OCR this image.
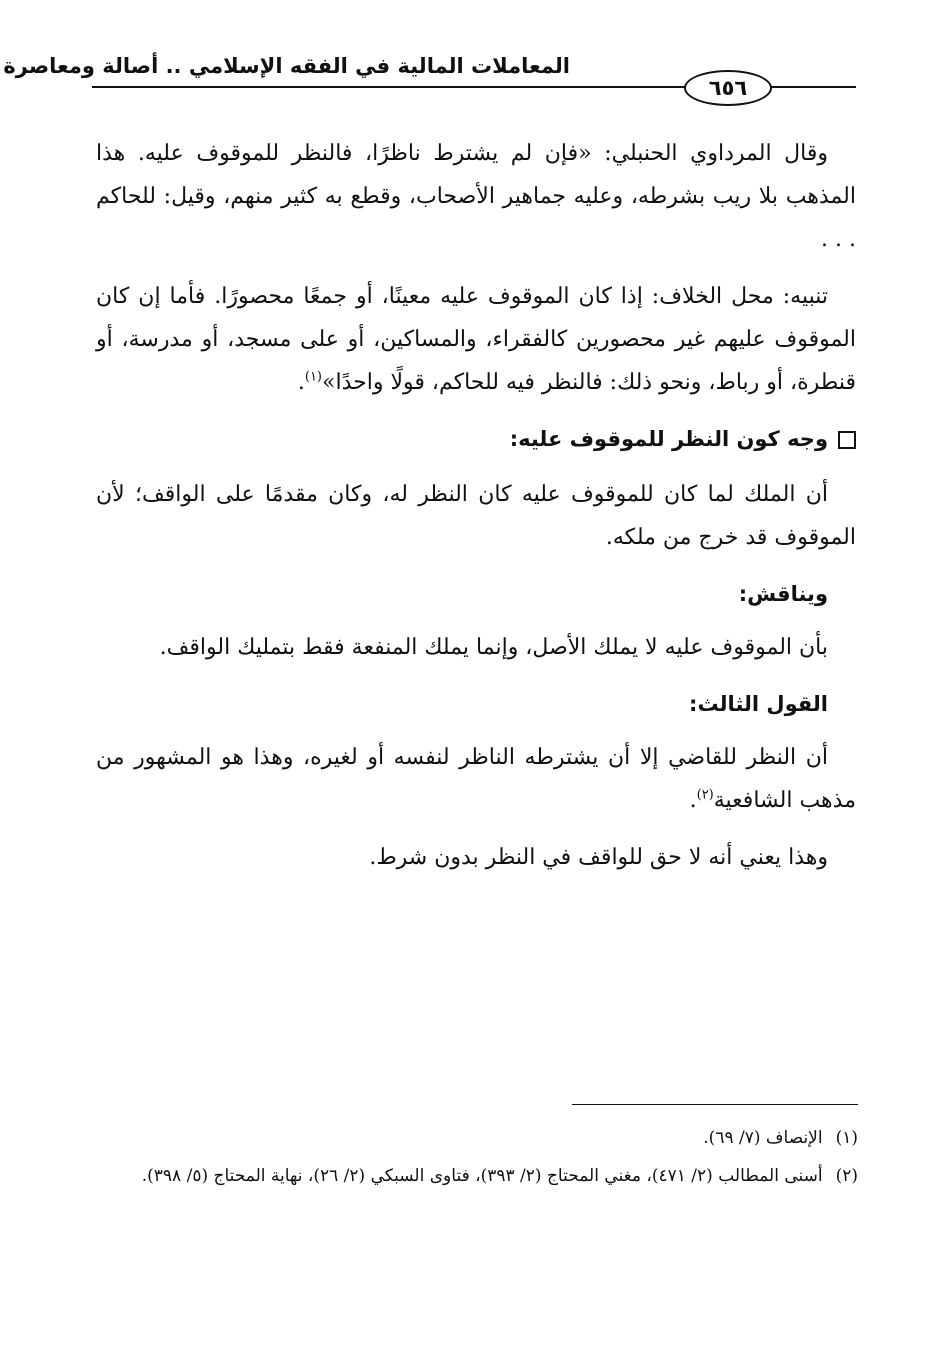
المعاملات المالية في الفقه الإسلامي .. أصالة ومعاصرة
٦٥٦

وقال المرداوي الحنبلي: «فإن لم يشترط ناظرًا، فالنظر للموقوف عليه. هذا المذهب بلا ريب بشرطه، وعليه جماهير الأصحاب، وقطع به كثير منهم، وقيل: للحاكم . . .

تنبيه: محل الخلاف: إذا كان الموقوف عليه معينًا، أو جمعًا محصورًا. فأما إن كان الموقوف عليهم غير محصورين كالفقراء، والمساكين، أو على مسجد، أو مدرسة، أو قنطرة، أو رباط، ونحو ذلك: فالنظر فيه للحاكم، قولًا واحدًا»$^{(١)}$.

وجه كون النظر للموقوف عليه:

أن الملك لما كان للموقوف عليه كان النظر له، وكان مقدمًا على الواقف؛ لأن الموقوف قد خرج من ملكه.

ويناقش:

بأن الموقوف عليه لا يملك الأصل، وإنما يملك المنفعة فقط بتمليك الواقف.

القول الثالث:

أن النظر للقاضي إلا أن يشترطه الناظر لنفسه أو لغيره، وهذا هو المشهور من مذهب الشافعية$^{(٢)}$.

وهذا يعني أنه لا حق للواقف في النظر بدون شرط.

(١) الإنصاف (٧/ ٦٩).

(٢) أسنى المطالب (٢/ ٤٧١)، مغني المحتاج (٢/ ٣٩٣)، فتاوى السبكي (٢/ ٢٦)، نهاية المحتاج (٥/ ٣٩٨).
